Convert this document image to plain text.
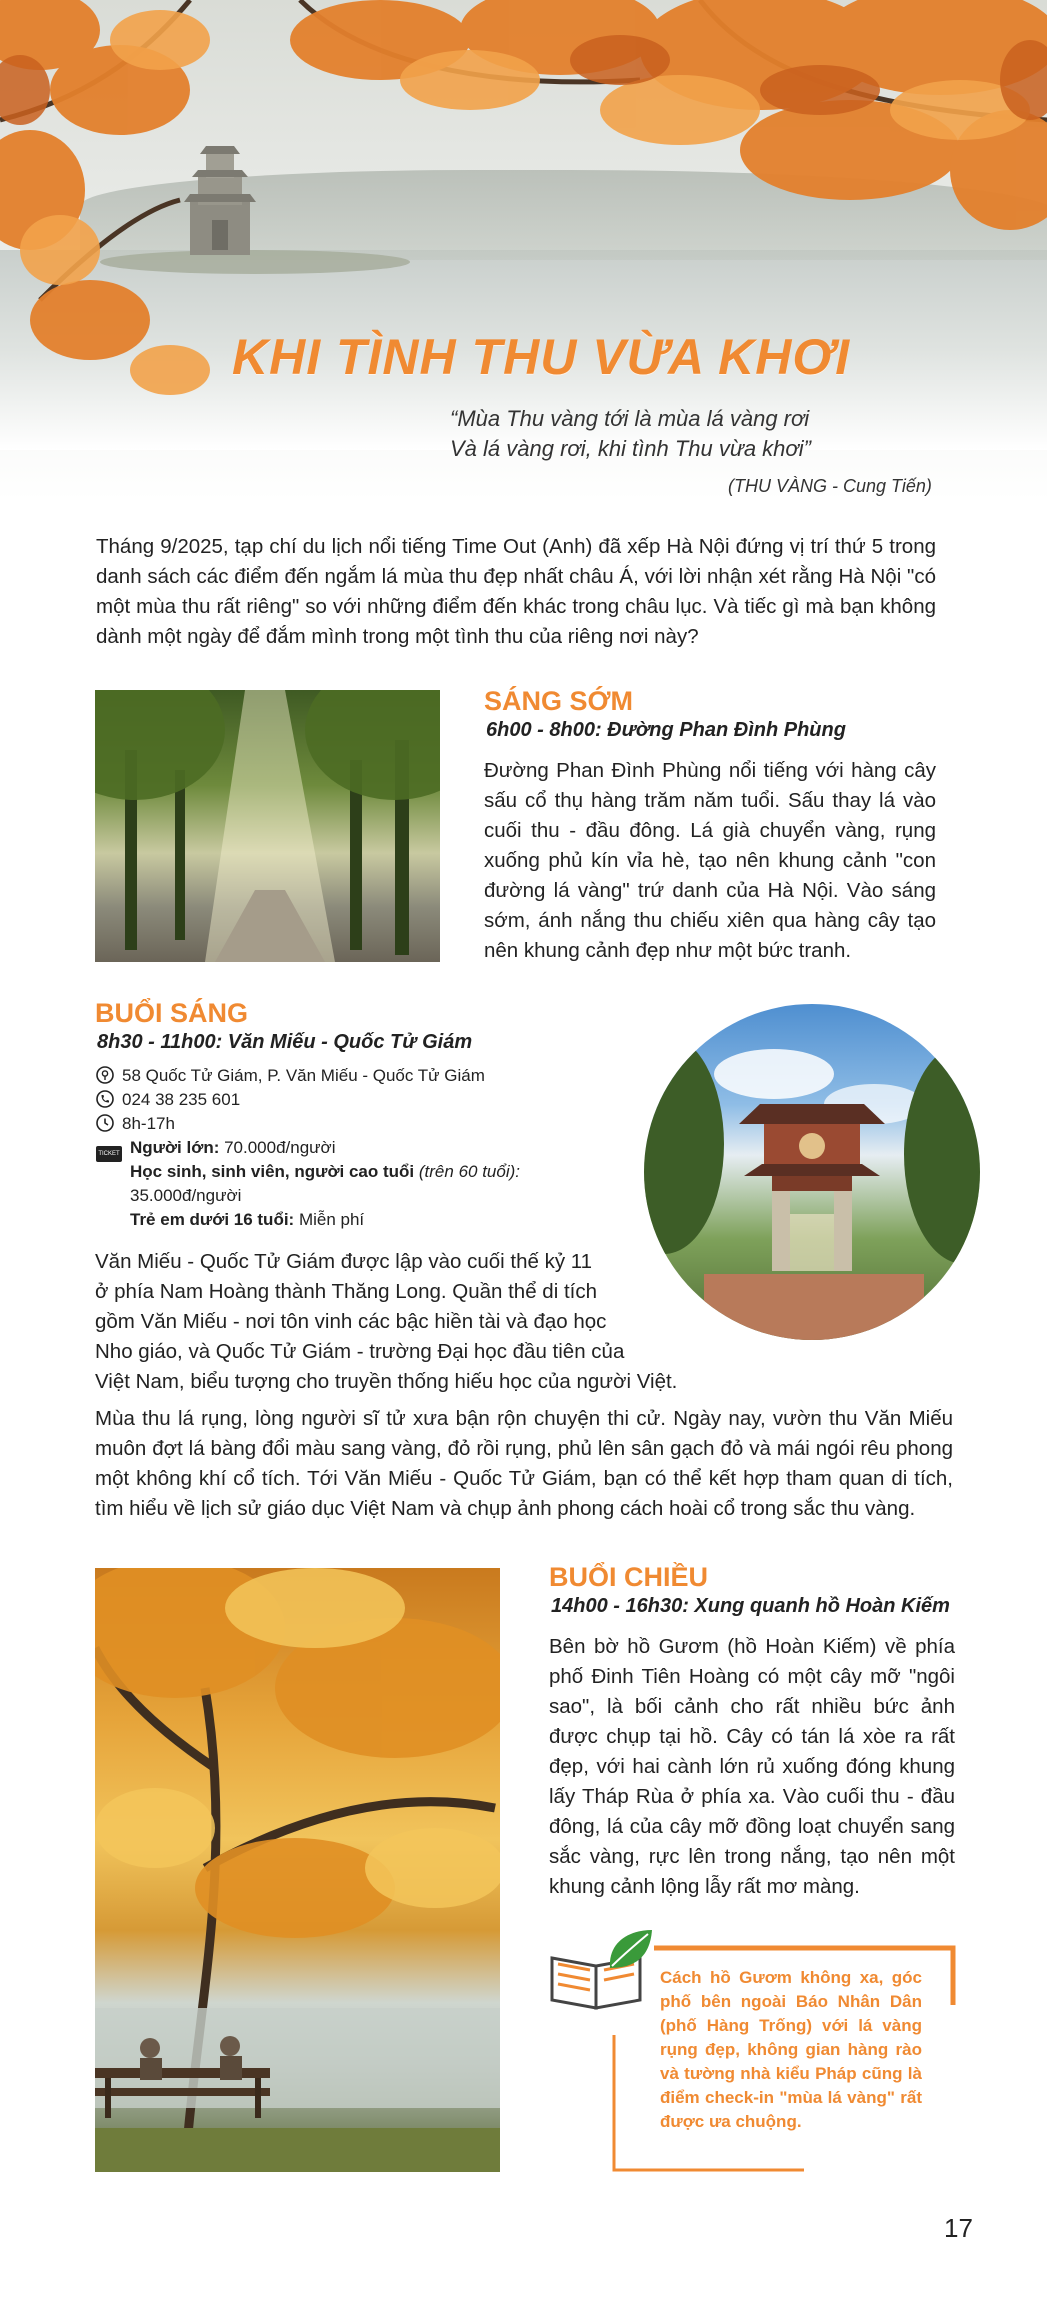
KHI TÌNH THU VỪA KHƠI
“Mùa Thu vàng tới là mùa lá vàng rơi
Và lá vàng rơi, khi tình Thu vừa khơi”
(THU VÀNG - Cung Tiến)
Tháng 9/2025, tạp chí du lịch nổi tiếng Time Out (Anh) đã xếp Hà Nội đứng vị trí thứ 5 trong danh sách các điểm đến ngắm lá mùa thu đẹp nhất châu Á, với lời nhận xét rằng Hà Nội "có một mùa thu rất riêng" so với những điểm đến khác trong châu lục. Và tiếc gì mà bạn không dành một ngày để đắm mình trong một tình thu của riêng nơi này?
SÁNG SỚM
6h00 - 8h00: Đường Phan Đình Phùng
Đường Phan Đình Phùng nổi tiếng với hàng cây sấu cổ thụ hàng trăm năm tuổi. Sấu thay lá vào cuối thu - đầu đông. Lá già chuyển vàng, rụng xuống phủ kín vỉa hè, tạo nên khung cảnh "con đường lá vàng" trứ danh của Hà Nội. Vào sáng sớm, ánh nắng thu chiếu xiên qua hàng cây tạo nên khung cảnh đẹp như một bức tranh.
BUỔI SÁNG
8h30 - 11h00: Văn Miếu - Quốc Tử Giám
58 Quốc Tử Giám, P. Văn Miếu - Quốc Tử Giám
024 38 235 601
8h-17h
TICKET Người lớn: 70.000đ/người
Học sinh, sinh viên, người cao tuổi (trên 60 tuổi):
35.000đ/người
Trẻ em dưới 16 tuổi: Miễn phí
Văn Miếu - Quốc Tử Giám được lập vào cuối thế kỷ 11
ở phía Nam Hoàng thành Thăng Long. Quần thể di tích
gồm Văn Miếu - nơi tôn vinh các bậc hiền tài và đạo học
Nho giáo, và Quốc Tử Giám - trường Đại học đầu tiên của
Việt Nam, biểu tượng cho truyền thống hiếu học của người Việt.
Mùa thu lá rụng, lòng người sĩ tử xưa bận rộn chuyện thi cử. Ngày nay, vườn thu Văn Miếu muôn đợt lá bàng đổi màu sang vàng, đỏ rồi rụng, phủ lên sân gạch đỏ và mái ngói rêu phong một không khí cổ tích. Tới Văn Miếu - Quốc Tử Giám, bạn có thể kết hợp tham quan di tích, tìm hiểu về lịch sử giáo dục Việt Nam và chụp ảnh phong cách hoài cổ trong sắc thu vàng.
BUỔI CHIỀU
14h00 - 16h30: Xung quanh hồ Hoàn Kiếm
Bên bờ hồ Gươm (hồ Hoàn Kiếm) về phía phố Đinh Tiên Hoàng có một cây mỡ "ngôi sao", là bối cảnh cho rất nhiều bức ảnh được chụp tại hồ. Cây có tán lá xòe ra rất đẹp, với hai cành lớn rủ xuống đóng khung lấy Tháp Rùa ở phía xa. Vào cuối thu - đầu đông, lá của cây mỡ đồng loạt chuyển sang sắc vàng, rực lên trong nắng, tạo nên một khung cảnh lộng lẫy rất mơ màng.
Cách hồ Gươm không xa, góc phố bên ngoài Báo Nhân Dân (phố Hàng Trống) với lá vàng rụng đẹp, không gian hàng rào và tường nhà kiểu Pháp cũng là điểm check-in "mùa lá vàng" rất được ưa chuộng.
17
